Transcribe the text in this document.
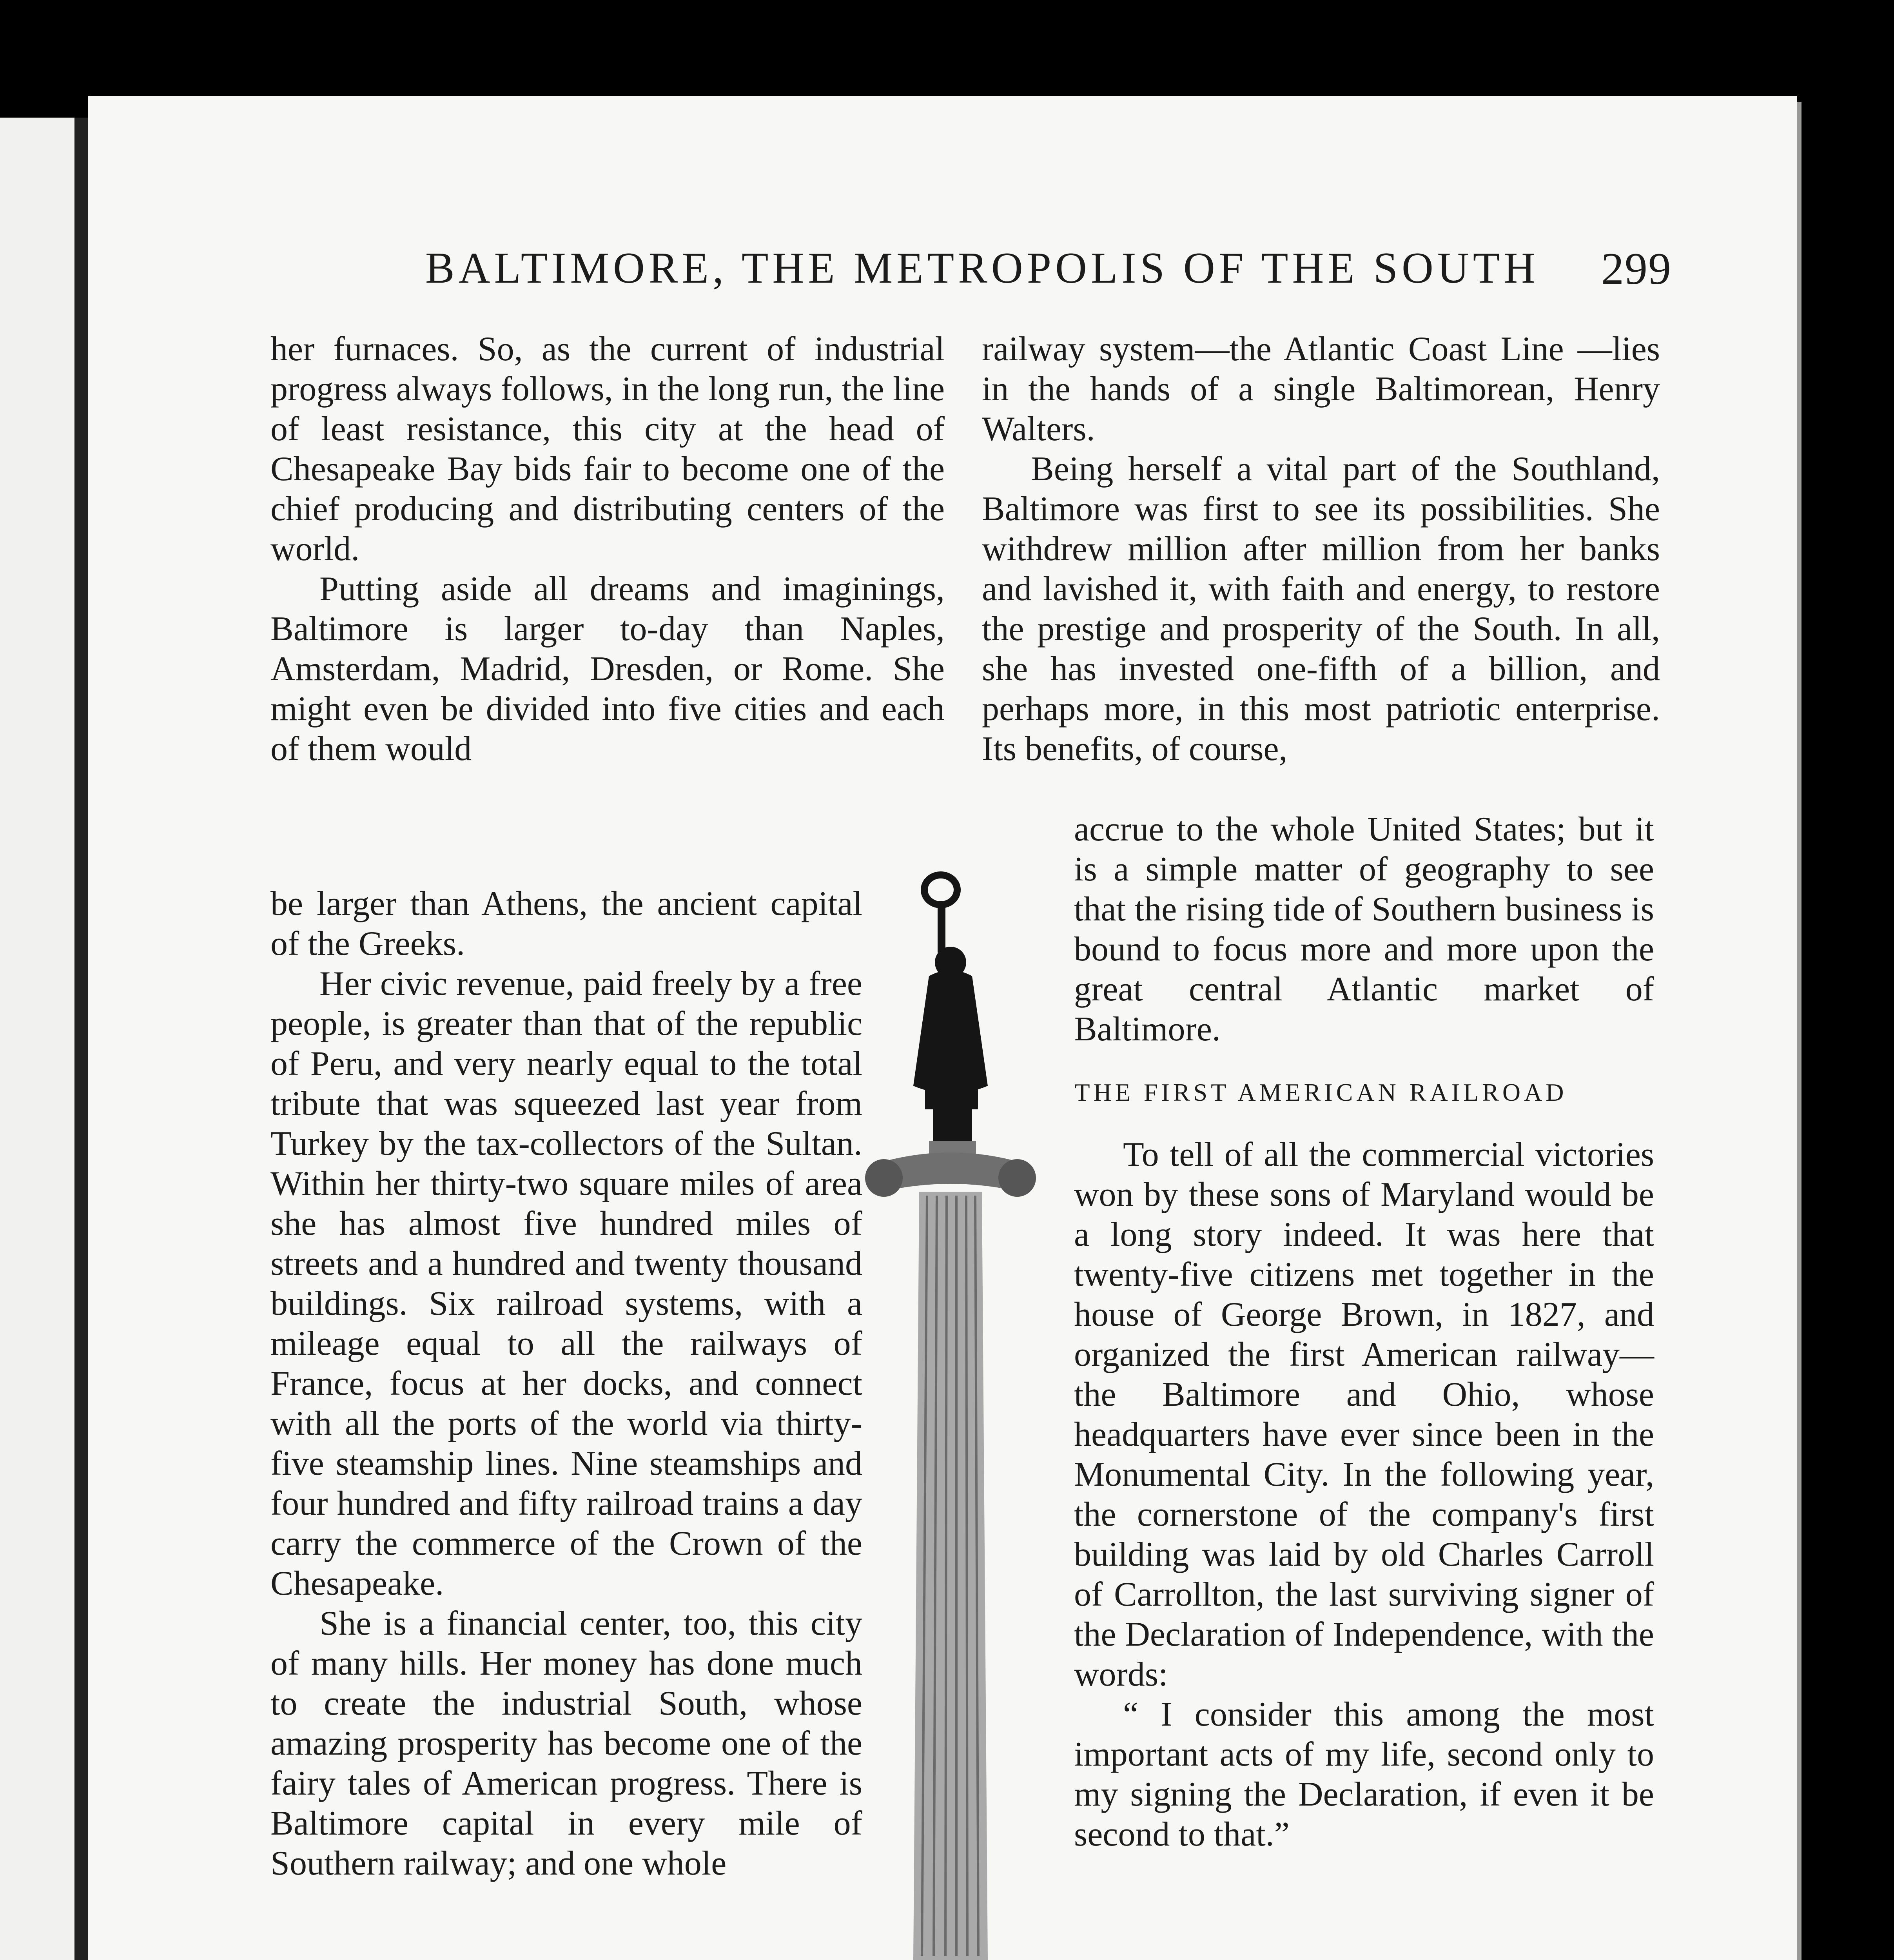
BALTIMORE, THE METROPOLIS OF THE SOUTH 299

her furnaces. So, as the current of industrial progress always follows, in the long run, the line of least resistance, this city at the head of Chesapeake Bay bids fair to become one of the chief producing and distributing centers of the world.

Putting aside all dreams and imaginings, Baltimore is larger to-day than Naples, Amsterdam, Madrid, Dresden, or Rome. She might even be divided into five cities and each of them would

be larger than Athens, the ancient capital of the Greeks.

Her civic revenue, paid freely by a free people, is greater than that of the republic of Peru, and very nearly equal to the total tribute that was squeezed last year from Turkey by the tax-collectors of the Sultan. Within her thirty-two square miles of area she has almost five hundred miles of streets and a hundred and twenty thousand buildings. Six railroad systems, with a mileage equal to all the railways of France, focus at her docks, and connect with all the ports of the world via thirty-five steamship lines. Nine steamships and four hundred and fifty railroad trains a day carry the commerce of the Crown of the Chesapeake.

She is a financial center, too, this city of many hills. Her money has done much to create the industrial South, whose amazing prosperity has become one of the fairy tales of American progress. There is Baltimore capital in every mile of Southern railway; and one whole

railway system—the Atlantic Coast Line —lies in the hands of a single Baltimorean, Henry Walters.

Being herself a vital part of the Southland, Baltimore was first to see its possibilities. She withdrew million after million from her banks and lavished it, with faith and energy, to restore the prestige and prosperity of the South. In all, she has invested one-fifth of a billion, and perhaps more, in this most patriotic enterprise. Its benefits, of course,

accrue to the whole United States; but it is a simple matter of geography to see that the rising tide of Southern business is bound to focus more and more upon the great central Atlantic market of Baltimore.

THE FIRST AMERICAN RAILROAD

To tell of all the commercial victories won by these sons of Maryland would be a long story indeed. It was here that twenty-five citizens met together in the house of George Brown, in 1827, and organized the first American railway—the Baltimore and Ohio, whose headquarters have ever since been in the Monumental City. In the following year, the cornerstone of the company's first building was laid by old Charles Carroll of Carrollton, the last surviving signer of the Declaration of Independence, with the words:

“ I consider this among the most important acts of my life, second only to my signing the Declaration, if even it be second to that.”
